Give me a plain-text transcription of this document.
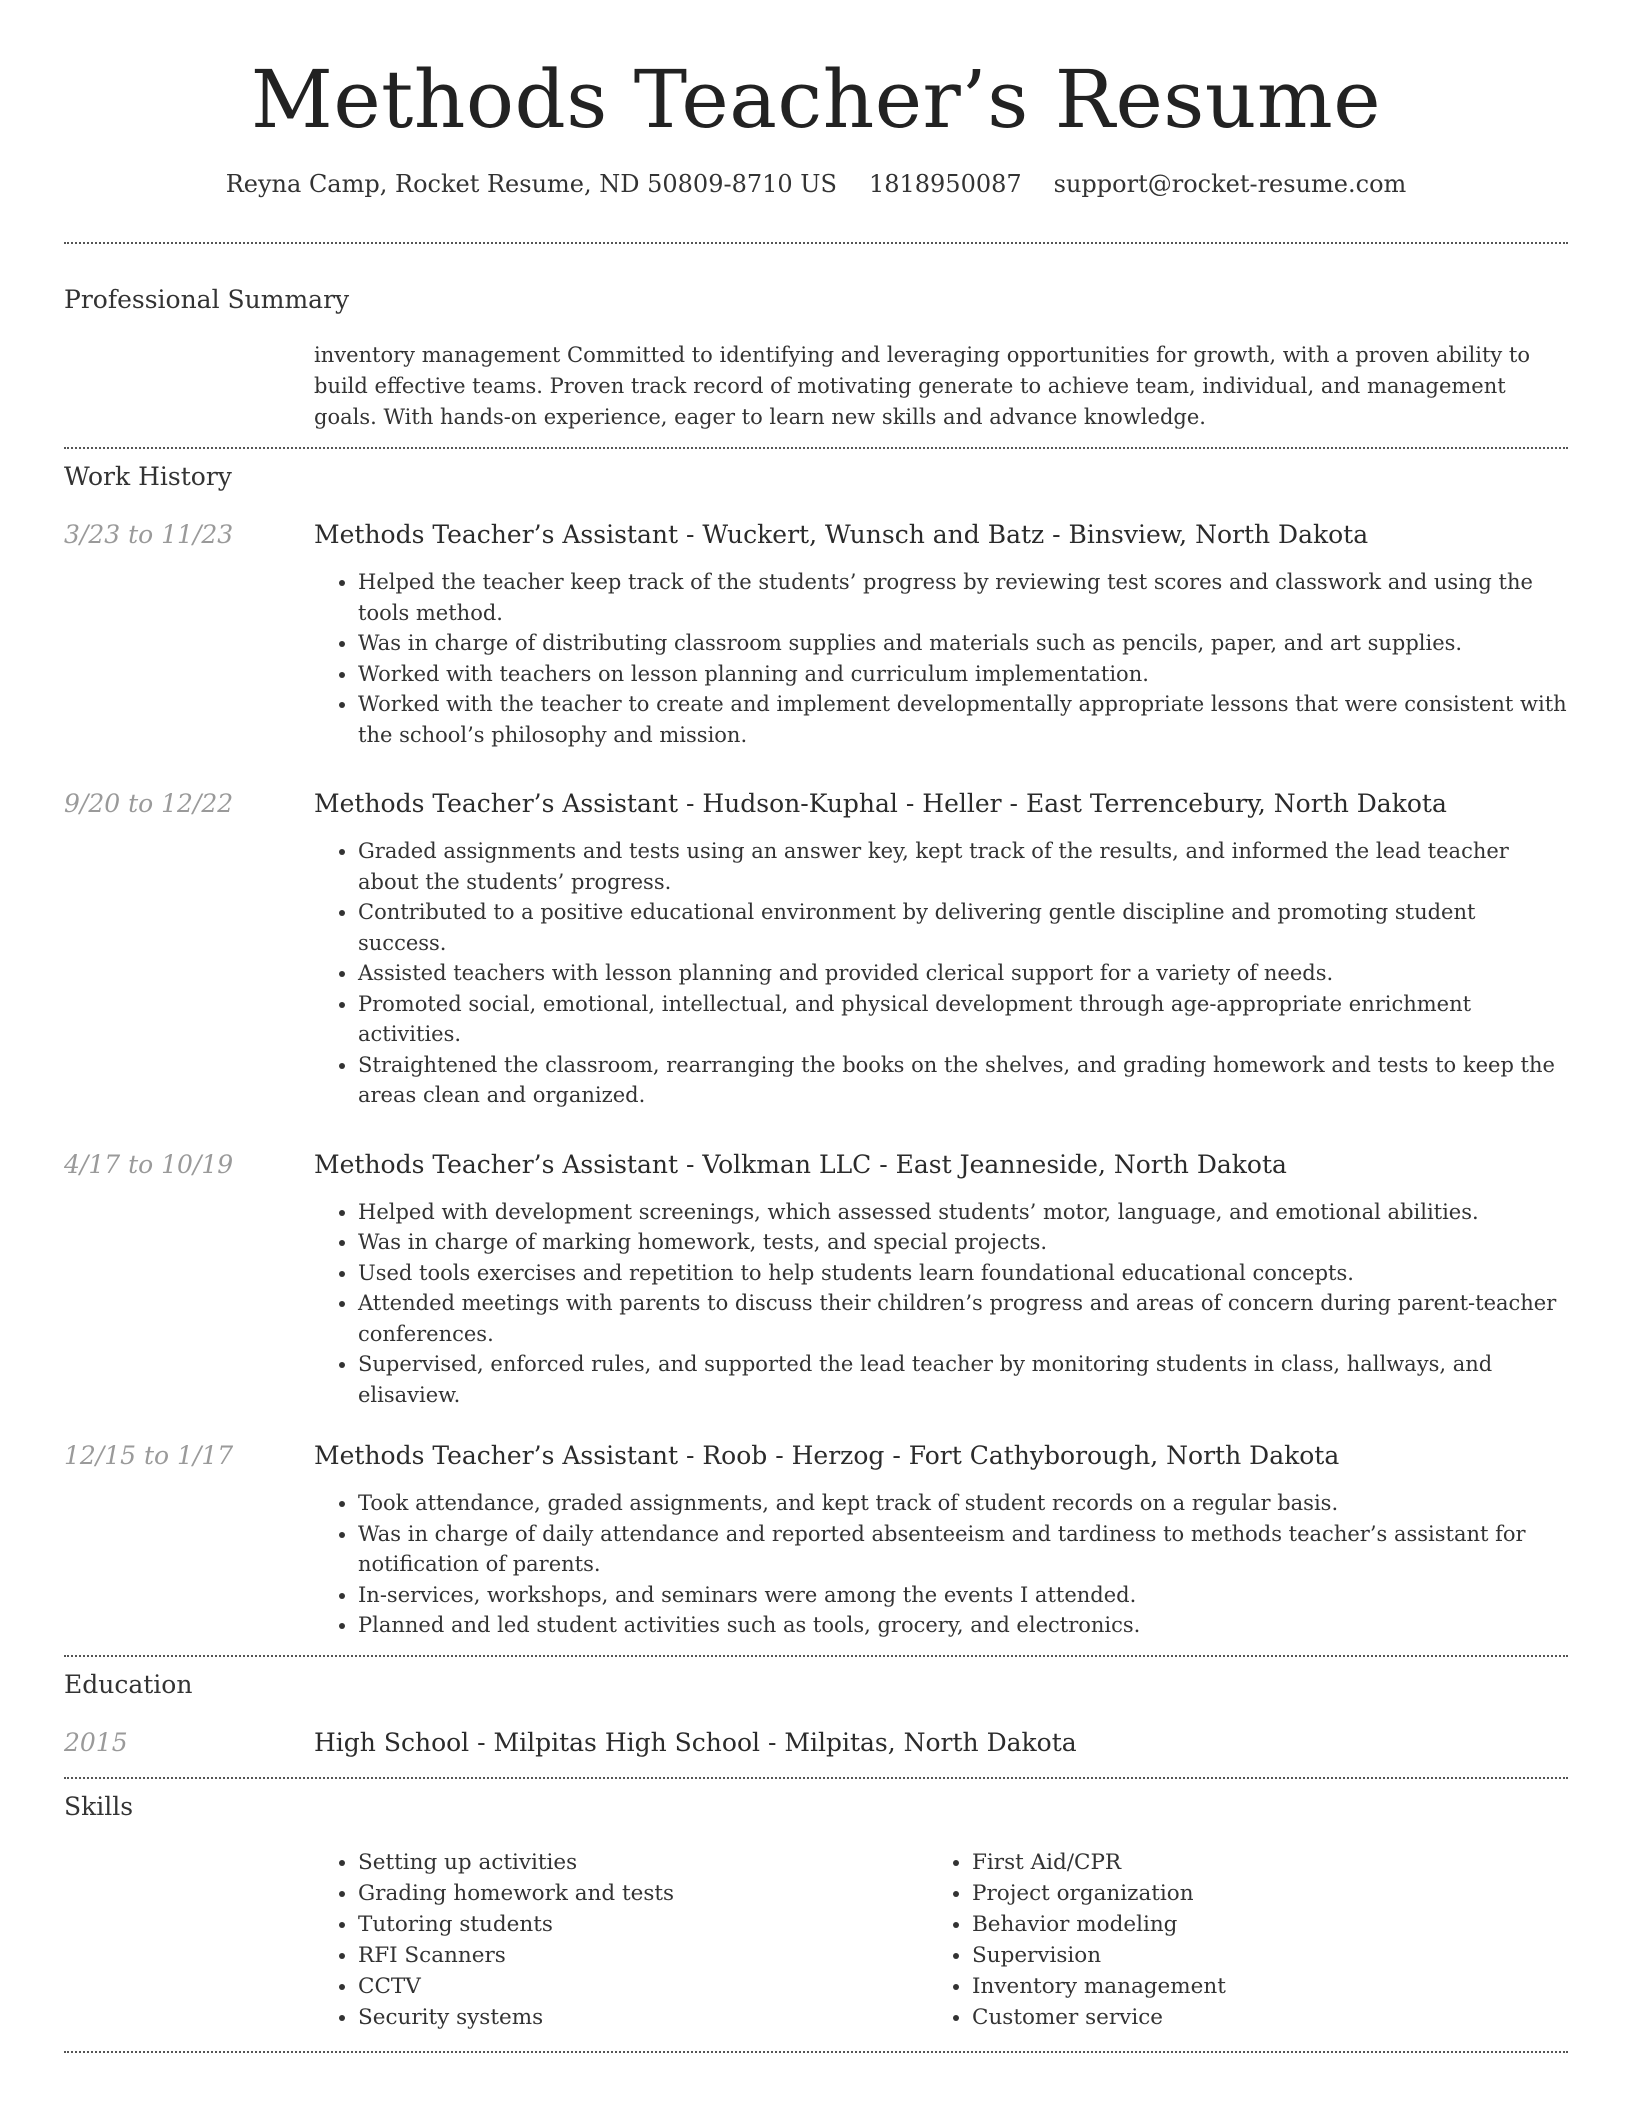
Methods Teacher’s Resume
Reyna Camp, Rocket Resume, ND 50809-8710 US 1818950087 support@rocket-resume.com
Professional Summary

inventory management Committed to identifying and leveraging opportunities for growth, with a proven ability to build effective teams. Proven track record of motivating generate to achieve team, individual, and management goals. With hands-on experience, eager to learn new skills and advance knowledge.

Work History
3/23 to 11/23	Methods Teacher’s Assistant - Wuckert, Wunsch and Batz - Binsview, North Dakota
• Helped the teacher keep track of the students’ progress by reviewing test scores and classwork and using the tools method.
• Was in charge of distributing classroom supplies and materials such as pencils, paper, and art supplies.
• Worked with teachers on lesson planning and curriculum implementation.
• Worked with the teacher to create and implement developmentally appropriate lessons that were consistent with the school’s philosophy and mission.
9/20 to 12/22	Methods Teacher’s Assistant - Hudson-Kuphal - Heller - East Terrencebury, North Dakota
• Graded assignments and tests using an answer key, kept track of the results, and informed the lead teacher about the students’ progress.
• Contributed to a positive educational environment by delivering gentle discipline and promoting student success.
• Assisted teachers with lesson planning and provided clerical support for a variety of needs.
• Promoted social, emotional, intellectual, and physical development through age-appropriate enrichment activities.
• Straightened the classroom, rearranging the books on the shelves, and grading homework and tests to keep the areas clean and organized.
4/17 to 10/19	Methods Teacher’s Assistant - Volkman LLC - East Jeanneside, North Dakota
• Helped with development screenings, which assessed students’ motor, language, and emotional abilities.
• Was in charge of marking homework, tests, and special projects.
• Used tools exercises and repetition to help students learn foundational educational concepts.
• Attended meetings with parents to discuss their children’s progress and areas of concern during parent-teacher conferences.
• Supervised, enforced rules, and supported the lead teacher by monitoring students in class, hallways, and elisaview.
12/15 to 1/17	Methods Teacher’s Assistant - Roob - Herzog - Fort Cathyborough, North Dakota
• Took attendance, graded assignments, and kept track of student records on a regular basis.
• Was in charge of daily attendance and reported absenteeism and tardiness to methods teacher’s assistant for notification of parents.
• In-services, workshops, and seminars were among the events I attended.
• Planned and led student activities such as tools, grocery, and electronics.
Education
2015	High School - Milpitas High School - Milpitas, North Dakota
Skills
• Setting up activities
• Grading homework and tests
• Tutoring students
• RFI Scanners
• CCTV
• Security systems
• First Aid/CPR
• Project organization
• Behavior modeling
• Supervision
• Inventory management
• Customer service
